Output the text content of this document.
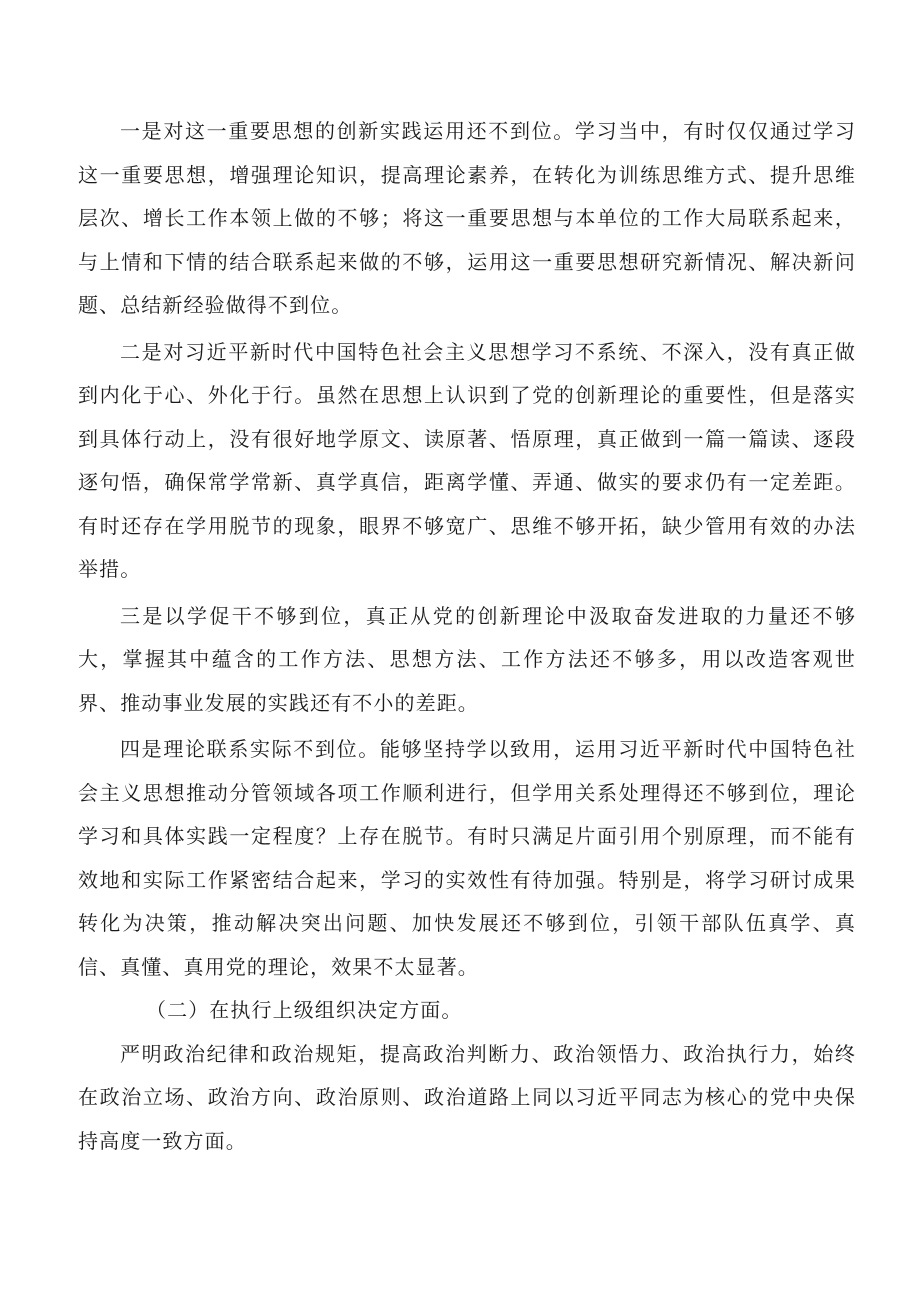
一是对这一重要思想的创新实践运用还不到位。学习当中，有时仅仅通过学习这一重要思想，增强理论知识，提高理论素养，在转化为训练思维方式、提升思维层次、增长工作本领上做的不够；将这一重要思想与本单位的工作大局联系起来，与上情和下情的结合联系起来做的不够，运用这一重要思想研究新情况、解决新问题、总结新经验做得不到位。

二是对习近平新时代中国特色社会主义思想学习不系统、不深入，没有真正做到内化于心、外化于行。虽然在思想上认识到了党的创新理论的重要性，但是落实到具体行动上，没有很好地学原文、读原著、悟原理，真正做到一篇一篇读、逐段逐句悟，确保常学常新、真学真信，距离学懂、弄通、做实的要求仍有一定差距。有时还存在学用脱节的现象，眼界不够宽广、思维不够开拓，缺少管用有效的办法举措。

三是以学促干不够到位，真正从党的创新理论中汲取奋发进取的力量还不够大，掌握其中蕴含的工作方法、思想方法、工作方法还不够多，用以改造客观世界、推动事业发展的实践还有不小的差距。

四是理论联系实际不到位。能够坚持学以致用，运用习近平新时代中国特色社会主义思想推动分管领域各项工作顺利进行，但学用关系处理得还不够到位，理论学习和具体实践一定程度？上存在脱节。有时只满足片面引用个别原理，而不能有效地和实际工作紧密结合起来，学习的实效性有待加强。特别是，将学习研讨成果转化为决策，推动解决突出问题、加快发展还不够到位，引领干部队伍真学、真信、真懂、真用党的理论，效果不太显著。

（二）在执行上级组织决定方面。

严明政治纪律和政治规矩，提高政治判断力、政治领悟力、政治执行力，始终在政治立场、政治方向、政治原则、政治道路上同以习近平同志为核心的党中央保持高度一致方面。
